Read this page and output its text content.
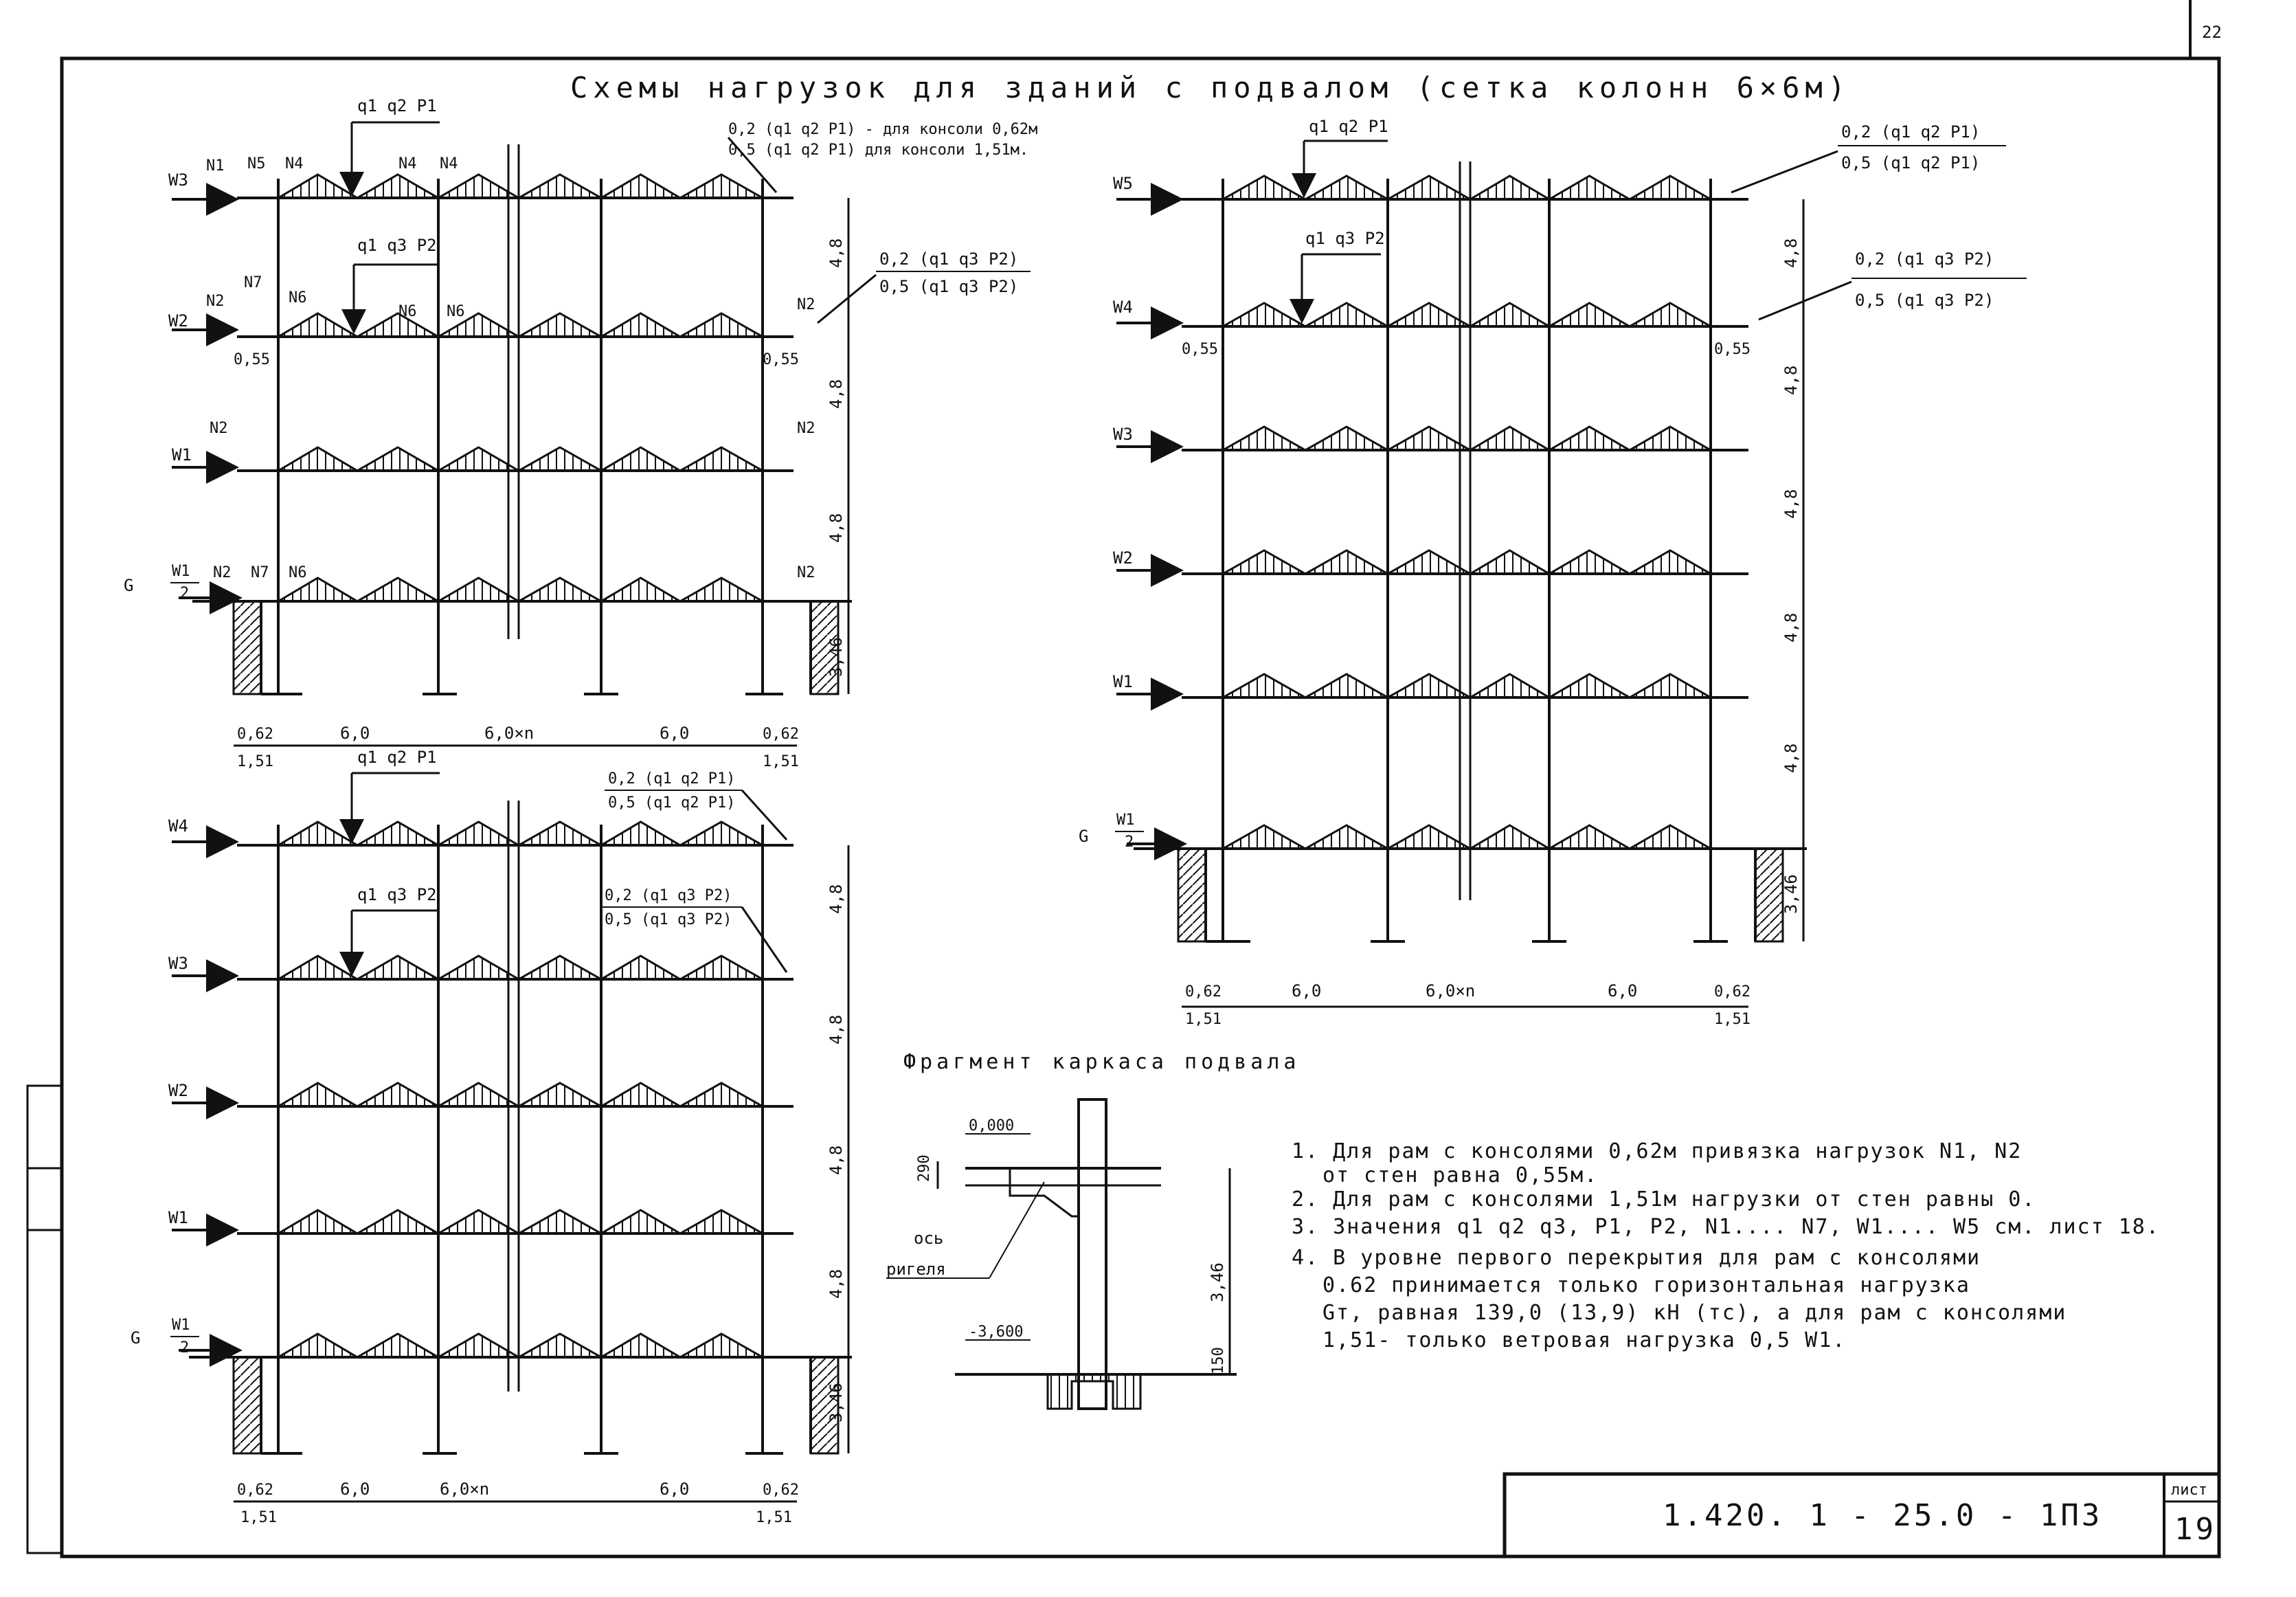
22
Схемы нагрузок для зданий с подвалом (сетка колонн 6×6м)
W3
W2
W1
G
W1
2
q1 q2 P1
q1 q3 P2
0,2 (q1 q2 P1) - для консоли 0,62м
0,5 (q1 q2 P1) для консоли 1,51м.
0,2 (q1 q3 P2)
0,5 (q1 q3 P2)
N1 N5 N4	N4 N4
N2
N7
N6
N6 N6	N2
N2	N2
N2 N7 N6	N2
4,8
4,8
4,8
3,46
0,55	0,55
0,62	6,0	6,0×n	6,0	0,62
1,51	1,51
W4
W3
W2
W1
G
W1
2
q1 q2 P1
q1 q3 P2
0,2 (q1 q2 P1)
0,5 (q1 q2 P1)
0,2 (q1 q3 P2)
0,5 (q1 q3 P2)
4,8
4,8
4,8
4,8
3,46
0,62	6,0	6,0×n	6,0	0,62
1,51	1,51
W5
W4
W3
W2
W1
G
W1
2
q1 q2 P1
q1 q3 P2
0,2 (q1 q2 P1)
0,5 (q1 q2 P1)
0,2 (q1 q3 P2)
0,5 (q1 q3 P2)
0,55	0,55
4,8
4,8
4,8
4,8
4,8
3,46
0,62	6,0	6,0×n	6,0	0,62
1,51	1,51
Фрагмент каркаса подвала
0,000
-3,600
290
3,46
150
ось
ригеля
1. Для рам с консолями 0,62м привязка нагрузок N1, N2
от стен равна 0,55м.
2. Для рам с консолями 1,51м нагрузки от стен равны 0.
3. Значения q1 q2 q3, P1, P2, N1.... N7, W1.... W5 см. лист 18.
4. В уровне первого перекрытия для рам с консолями
0.62 принимается только горизонтальная нагрузка
Gт, равная 139,0 (13,9) кН (тс), а для рам с консолями
1,51- только ветровая нагрузка 0,5 W1.
1.420. 1 - 25.0 - 1П3
лист
19
